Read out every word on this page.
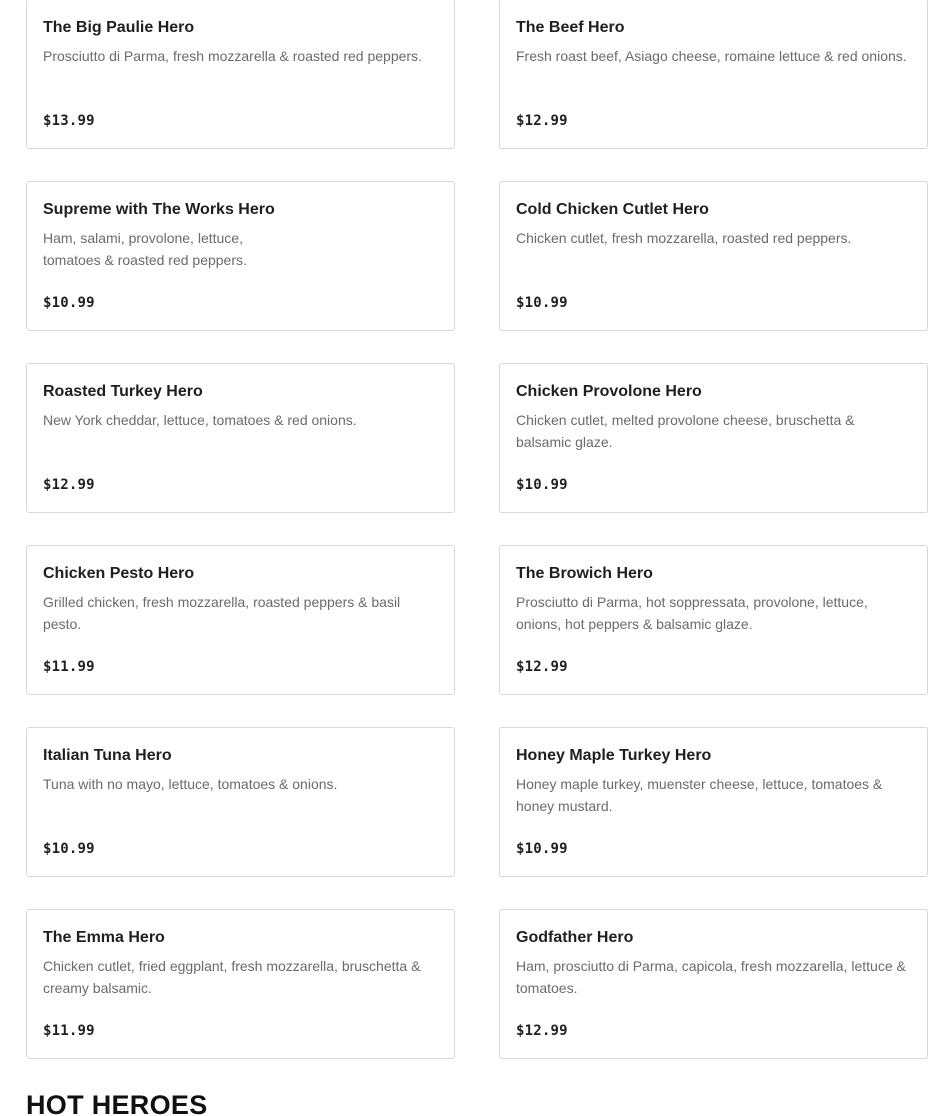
The Big Paulie Hero
Prosciutto di Parma, fresh mozzarella & roasted red peppers.
$13.99
The Beef Hero
Fresh roast beef, Asiago cheese, romaine lettuce & red onions.
$12.99
Supreme with The Works Hero
Ham, salami, provolone, lettuce, tomatoes & roasted red peppers.
$10.99
Cold Chicken Cutlet Hero
Chicken cutlet, fresh mozzarella, roasted red peppers.
$10.99
Roasted Turkey Hero
New York cheddar, lettuce, tomatoes & red onions.
$12.99
Chicken Provolone Hero
Chicken cutlet, melted provolone cheese, bruschetta & balsamic glaze.
$10.99
Chicken Pesto Hero
Grilled chicken, fresh mozzarella, roasted peppers & basil pesto.
$11.99
The Browich Hero
Prosciutto di Parma, hot soppressata, provolone, lettuce, onions, hot peppers & balsamic glaze.
$12.99
Italian Tuna Hero
Tuna with no mayo, lettuce, tomatoes & onions.
$10.99
Honey Maple Turkey Hero
Honey maple turkey, muenster cheese, lettuce, tomatoes & honey mustard.
$10.99
The Emma Hero
Chicken cutlet, fried eggplant, fresh mozzarella, bruschetta & creamy balsamic.
$11.99
Godfather Hero
Ham, prosciutto di Parma, capicola, fresh mozzarella, lettuce & tomatoes.
$12.99
HOT HEROES
